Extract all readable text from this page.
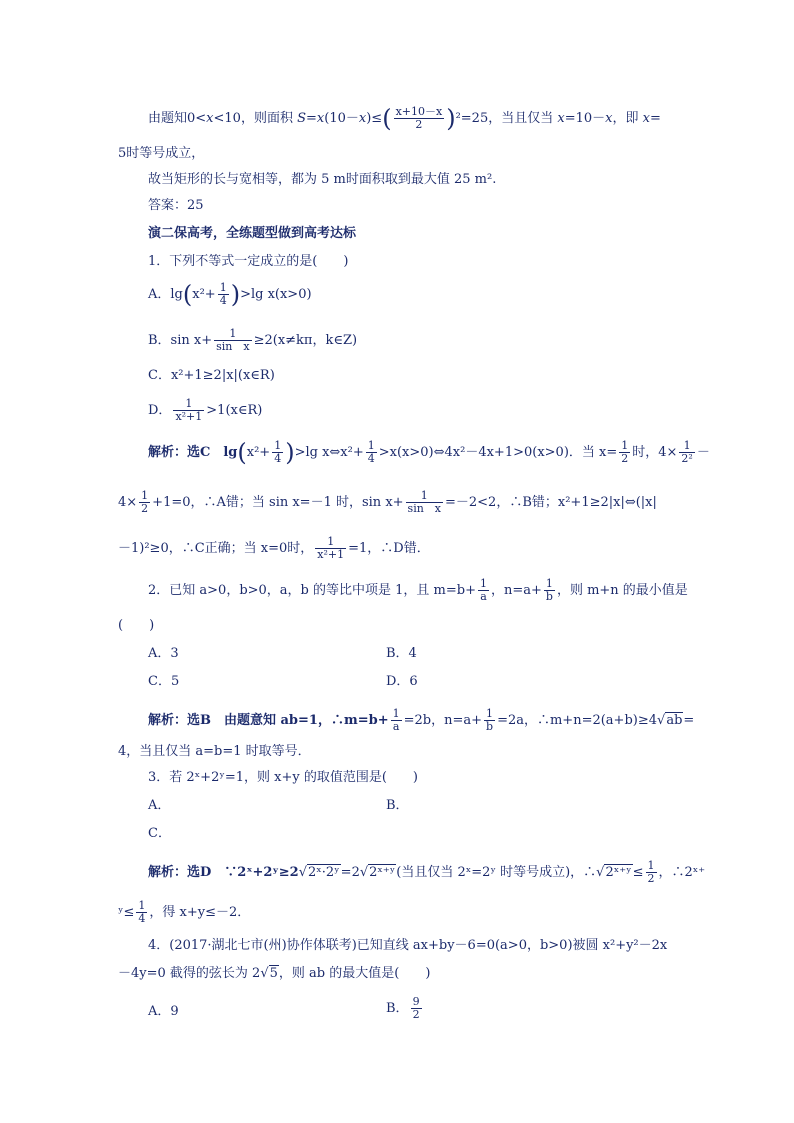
由题知0<x<10，则面积 $S=x(10-x)\le( \frac{x+10-x}{2} )^2=25$，当且仅当 x=10－x，即 x=
5时等号成立，
故当矩形的长与宽相等，都为 5 m时面积取到最大值 25 m².
答案：25
演二保高考，全练题型做到高考达标
1．下列不等式一定成立的是(　　)
A．$\lg(x^2+ \frac{1}{4} )>\lg$ x(x>0)
B．$\sin x+ \frac{1}{\text{sin　x}} \ge 2(x\ne k\pi$，k∈Z)
C．x²+1≥2|x|(x∈R)
D． $\frac{1}{\text{x²+1}}$ >1(x∈R)
解析：选C　$\lg(x^2+ \frac{1}{4} )>\lg$ x⇔x²+ $\frac{1}{4}$ >x(x>0)⇔4x²－4x+1>0(x>0)．当 $x= \frac{1}{2}$ 时，$4\times \frac{1}{\text{2²}}$ －
$4\times \frac{1}{2} +1=0$，∴A错；当 sin x=－1 时，$\sin x+ \frac{1}{\text{sin　x}} =-2<2$，∴B错；x²+1≥2|x|⇔(|x|
－1)²≥0，∴C正确；当 x=0时， $\frac{1}{\text{x²+1}} =1$，∴D错．
2．已知 a>0，b>0，a，b 的等比中项是 1，且 $m=b+ \frac{1}{a}$ ，$n=a+ \frac{1}{b}$ ，则 m+n 的最小值是
(　　)
A．3	B．4
C．5	D．6
解析：选B　由题意知 ab=1，∴m=b+ $\frac{1}{a} =2b$，$n=a+ \frac{1}{b} =2a$，∴m+n=2(a+b)≥4√ab=
4，当且仅当 a=b=1 时取等号．
3．若 2ˣ+2ʸ=1，则 x+y 的取值范围是(　　)
A．	B．
C．
解析：选D　∵2ˣ+2ʸ≥2√2ˣ·2ʸ=2√2ˣ⁺ʸ(当且仅当 2ˣ=2ʸ 时等号成立)，∴√2ˣ⁺ʸ≤ $\frac{1}{2}$ ，∴2ˣ⁺
ʸ≤ $\frac{1}{4}$ ，得 x+y≤－2．
4．(2017·湖北七市(州)协作体联考)已知直线 ax+by－6=0(a>0，b>0)被圆 x²+y²－2x
－4y=0 截得的弦长为 2√5，则 ab 的最大值是(　　)
A．9	B． $\frac{9}{2}$
